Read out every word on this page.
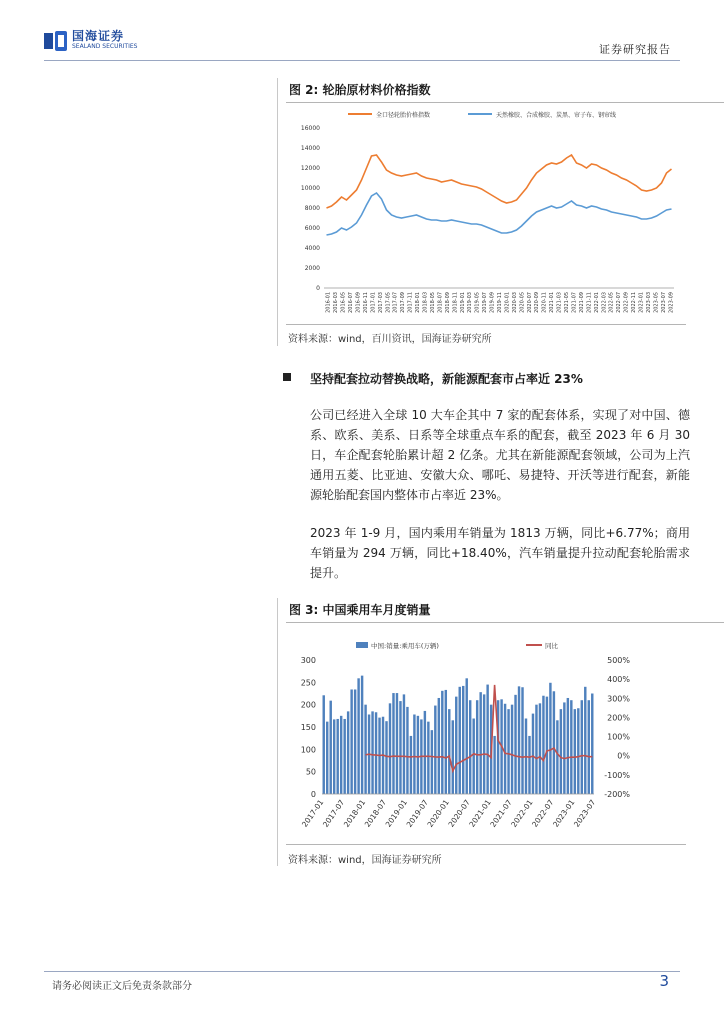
国海证券
SEALAND SECURITIES	证券研究报告
图 2: 轮胎原材料价格指数
全口径轮胎价格指数	天然橡胶、合成橡胶、炭黑、帘子布、钢帘线
0
2000
4000
6000
8000
10000
12000
14000
16000
2016-01 2016-03 2016-05 2016-07 2016-09 2016-11 2017-01 2017-03 2017-05 2017-07 2017-09 2017-11 2018-01 2018-03 2018-05 2018-07 2018-09 2018-11 2019-01 2019-03 2019-05 2019-07 2019-09 2019-11 2020-01 2020-03 2020-05 2020-07 2020-09 2020-11 2021-01 2021-03 2021-05 2021-07 2021-09 2021-11 2022-01 2022-03 2022-05 2022-07 2022-09 2022-11 2023-01 2023-03 2023-05 2023-07 2023-09
资料来源：wind，百川资讯，国海证券研究所
坚持配套拉动替换战略，新能源配套市占率近 23%
公司已经进入全球 10 大车企其中 7 家的配套体系，实现了对中国、德系、欧系、美系、日系等全球重点车系的配套，截至 2023 年 6 月 30 日，车企配套轮胎累计超 2 亿条。尤其在新能源配套领域，公司为上汽通用五菱、比亚迪、安徽大众、哪吒、易捷特、开沃等进行配套，新能源轮胎配套国内整体市占率近 23%。
2023 年 1-9 月，国内乘用车销量为 1813 万辆，同比+6.77%；商用车销量为 294 万辆，同比+18.40%，汽车销量提升拉动配套轮胎需求提升。
图 3: 中国乘用车月度销量
中国:销量:乘用车(万辆)	同比
0
50
100
150
200
250
300
-200%
-100%
0%
100%
200%
300%
400%
500%
2017-01
2017-07
2018-01
2018-07
2019-01
2019-07
2020-01
2020-07
2021-01
2021-07
2022-01
2022-07
2023-01
2023-07
资料来源：wind，国海证券研究所
请务必阅读正文后免责条款部分	3
